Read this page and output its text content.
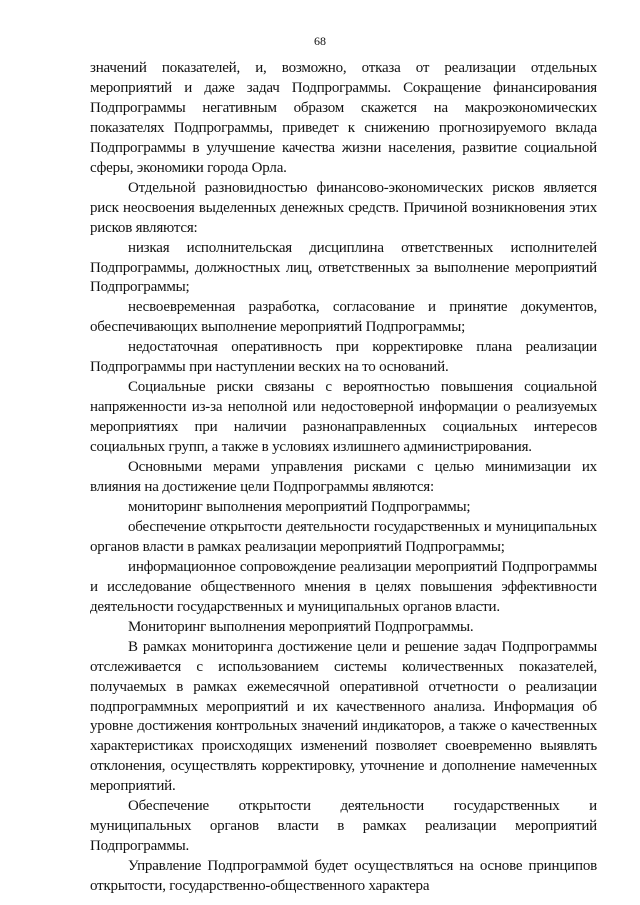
68

значений показателей, и, возможно, отказа от реализации отдельных мероприятий и даже задач Подпрограммы. Сокращение финансирования Подпрограммы негативным образом скажется на макроэкономических показателях Подпрограммы, приведет к снижению прогнозируемого вклада Подпрограммы в улучшение качества жизни населения, развитие социальной сферы, экономики города Орла.

Отдельной разновидностью финансово-экономических рисков является риск неосвоения выделенных денежных средств. Причиной возникновения этих рисков являются:

низкая исполнительская дисциплина ответственных исполнителей Подпрограммы, должностных лиц, ответственных за выполнение мероприятий Подпрограммы;

несвоевременная разработка, согласование и принятие документов, обеспечивающих выполнение мероприятий Подпрограммы;

недостаточная оперативность при корректировке плана реализации Подпрограммы при наступлении веских на то оснований.

Социальные риски связаны с вероятностью повышения социальной напряженности из-за неполной или недостоверной информации о реализуемых мероприятиях при наличии разнонаправленных социальных интересов социальных групп, а также в условиях излишнего администрирования.

Основными мерами управления рисками с целью минимизации их влияния на достижение цели Подпрограммы являются:

мониторинг выполнения мероприятий Подпрограммы;

обеспечение открытости деятельности государственных и муниципальных органов власти в рамках реализации мероприятий Подпрограммы;

информационное сопровождение реализации мероприятий Подпрограммы и исследование общественного мнения в целях повышения эффективности деятельности государственных и муниципальных органов власти.

Мониторинг выполнения мероприятий Подпрограммы.

В рамках мониторинга достижение цели и решение задач Подпрограммы отслеживается с использованием системы количественных показателей, получаемых в рамках ежемесячной оперативной отчетности о реализации подпрограммных мероприятий и их качественного анализа. Информация об уровне достижения контрольных значений индикаторов, а также о качественных характеристиках происходящих изменений позволяет своевременно выявлять отклонения, осуществлять корректировку, уточнение и дополнение намеченных мероприятий.

Обеспечение открытости деятельности государственных и муниципальных органов власти в рамках реализации мероприятий Подпрограммы.

Управление Подпрограммой будет осуществляться на основе принципов открытости, государственно-общественного характера
